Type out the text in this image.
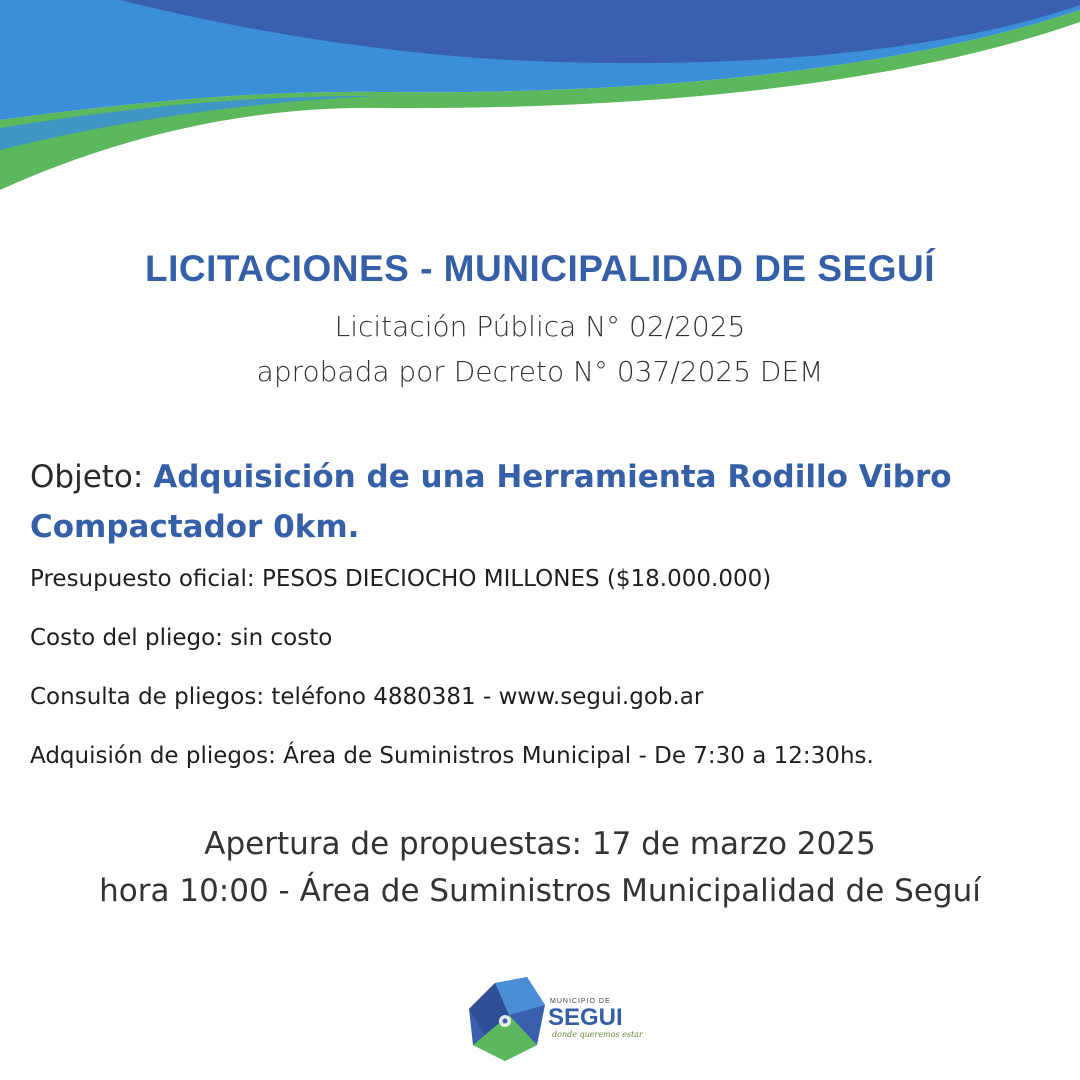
LICITACIONES - MUNICIPALIDAD DE SEGUÍ
Licitación Pública N° 02/2025
aprobada por Decreto N° 037/2025 DEM
Objeto: Adquisición de una Herramienta Rodillo Vibro Compactador 0km.
Presupuesto oficial: PESOS DIECIOCHO MILLONES ($18.000.000)
Costo del pliego: sin costo
Consulta de pliegos: teléfono 4880381 - www.segui.gob.ar
Adquisión de pliegos: Área de Suministros Municipal - De 7:30 a 12:30hs.
Apertura de propuestas: 17 de marzo 2025
hora 10:00 - Área de Suministros Municipalidad de Seguí
MUNICIPIO DE
SEGUI
donde queremos estar
